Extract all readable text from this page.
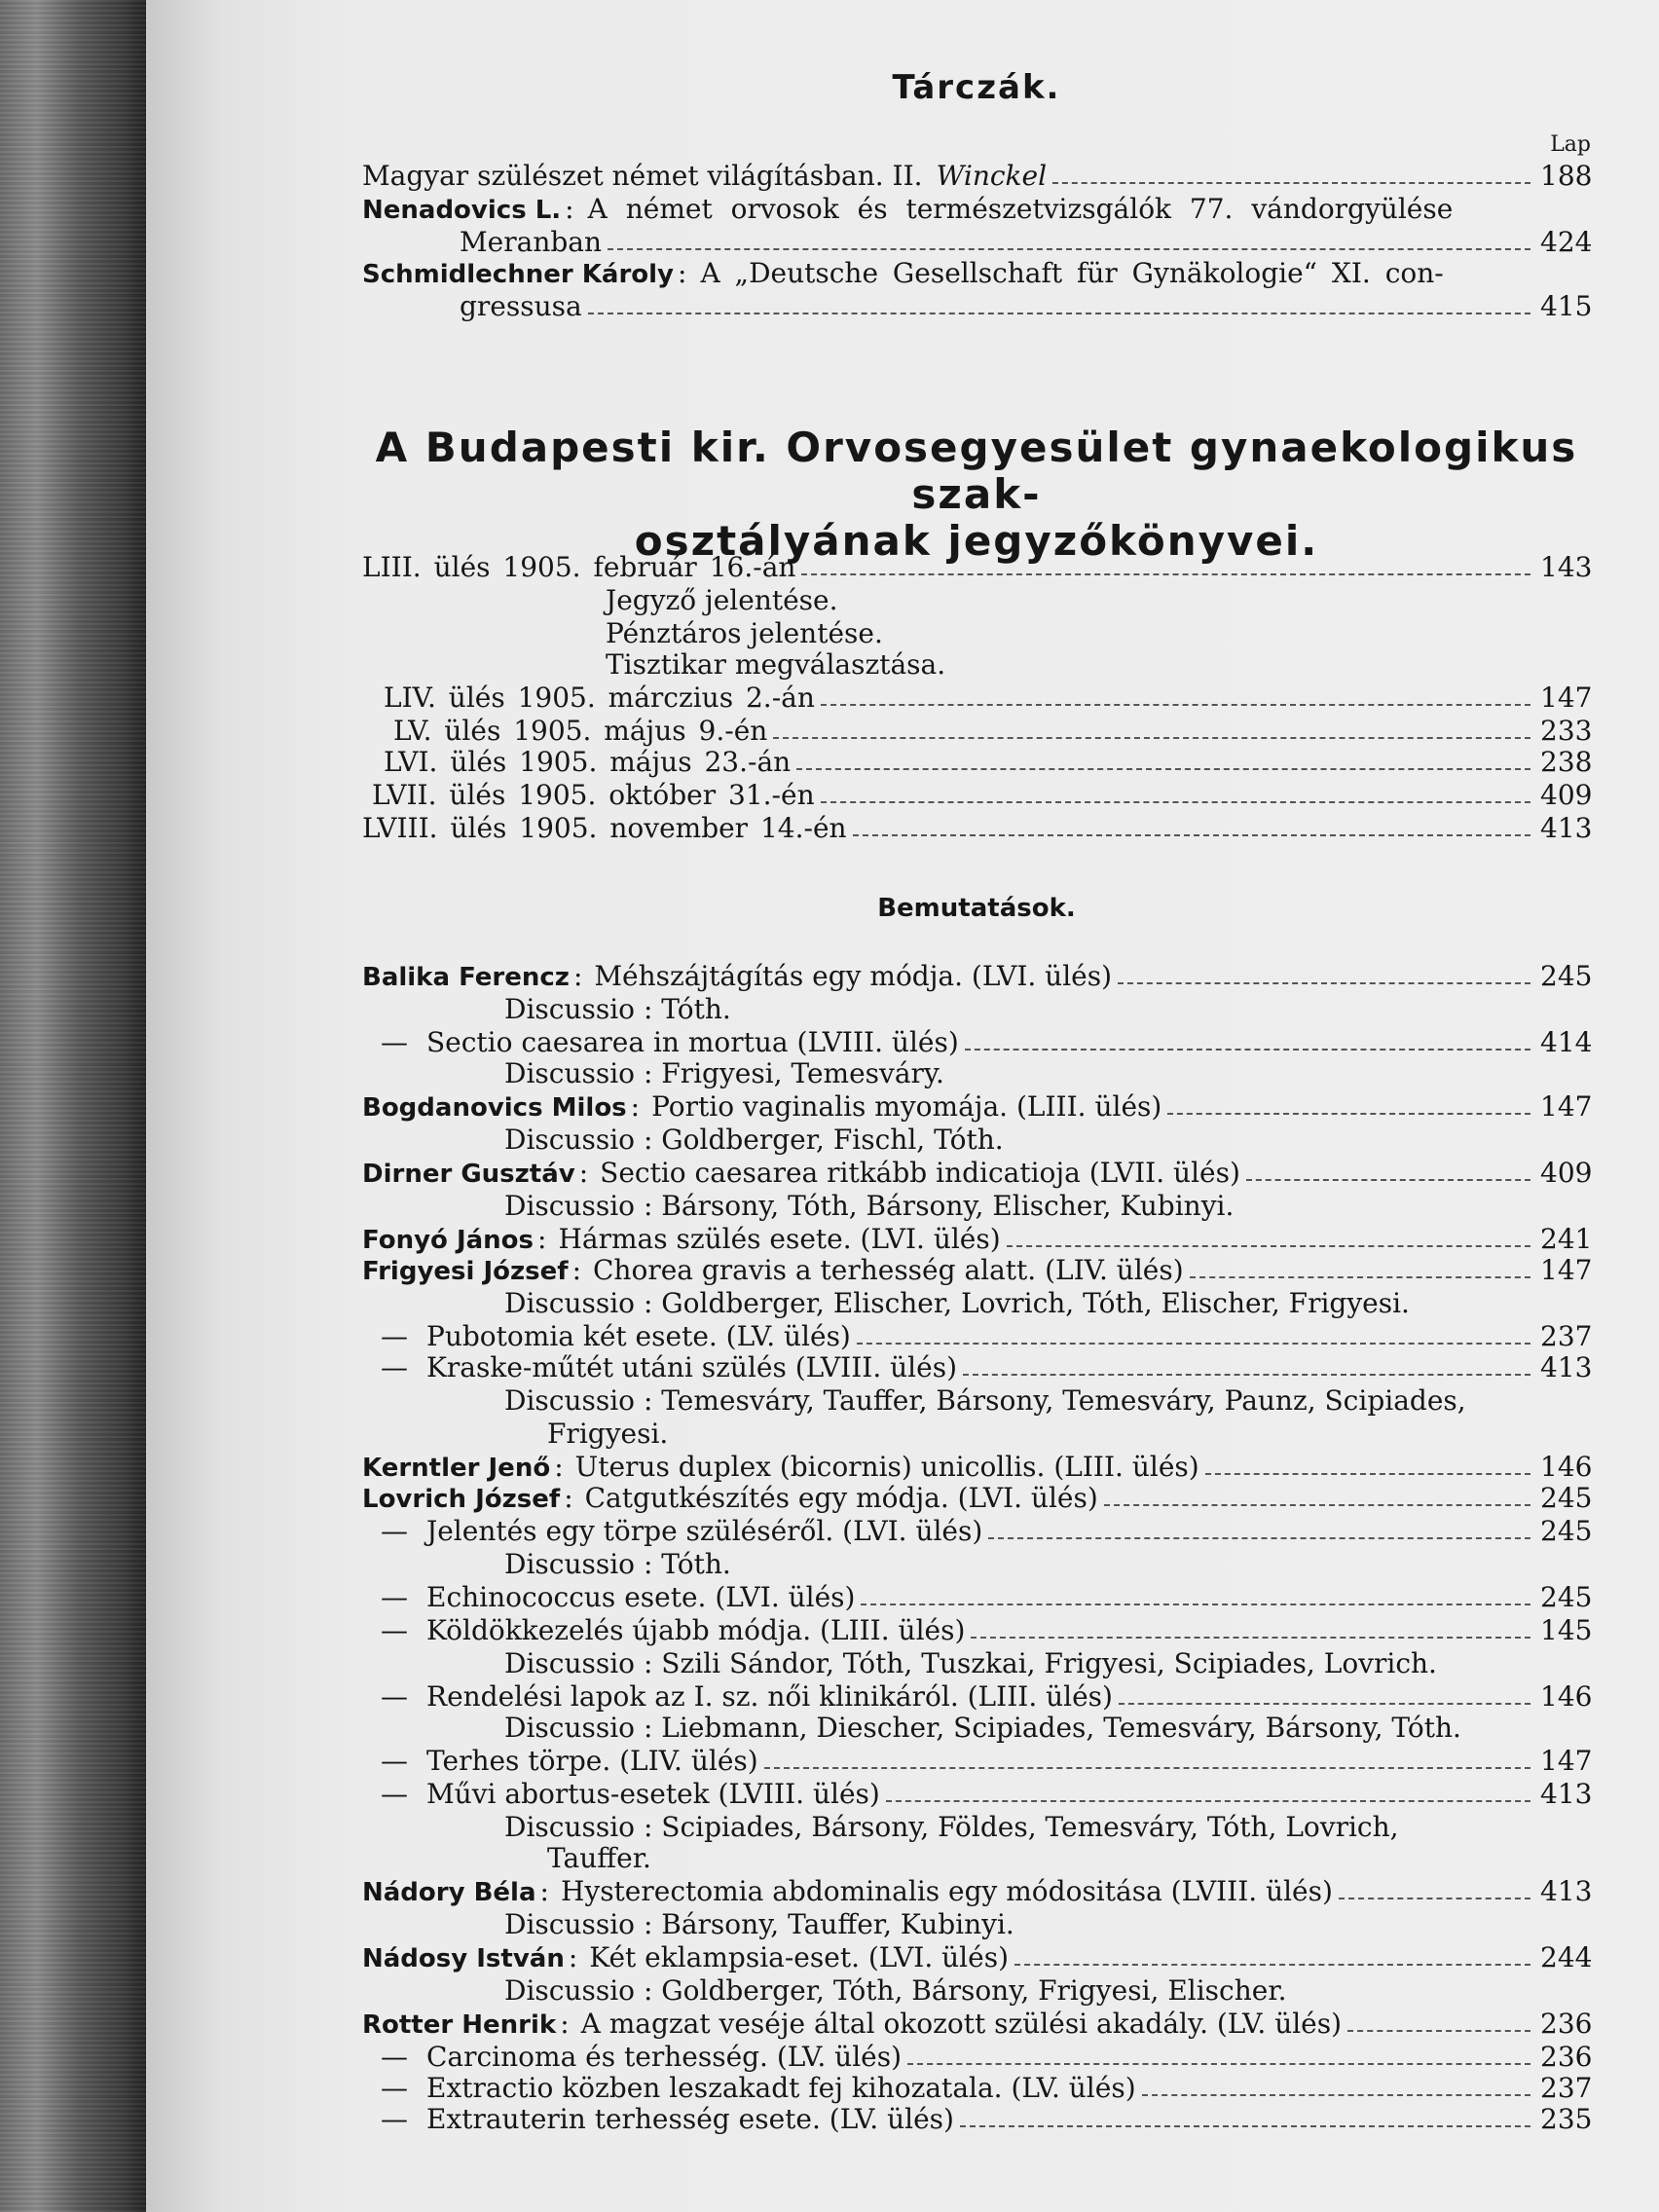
Tárczák.
Lap
Magyar szülészet német világításban. II. Winckel	188
Nenadovics L. : A német orvosok és természetvizsgálók 77. vándorgyülése
Meranban	424
Schmidlechner Károly : A „Deutsche Gesellschaft für Gynäkologie“ XI. con-
gressusa	415
A Budapesti kir. Orvosegyesület gynaekologikus szak-
osztályának jegyzőkönyvei.
LIII. ülés 1905. február 16.-án	143
Jegyző jelentése.
Pénztáros jelentése.
Tisztikar megválasztása.
LIV. ülés 1905. márczius 2.-án	147
LV. ülés 1905. május 9.-én	233
LVI. ülés 1905. május 23.-án	238
LVII. ülés 1905. október 31.-én	409
LVIII. ülés 1905. november 14.-én	413
Bemutatások.
Balika Ferencz : Méhszájtágítás egy módja. (LVI. ülés)	245
Discussio : Tóth.
— Sectio caesarea in mortua (LVIII. ülés)	414
Discussio : Frigyesi, Temesváry.
Bogdanovics Milos : Portio vaginalis myomája. (LIII. ülés)	147
Discussio : Goldberger, Fischl, Tóth.
Dirner Gusztáv : Sectio caesarea ritkább indicatioja (LVII. ülés)	409
Discussio : Bársony, Tóth, Bársony, Elischer, Kubinyi.
Fonyó János : Hármas szülés esete. (LVI. ülés)	241
Frigyesi József : Chorea gravis a terhesség alatt. (LIV. ülés)	147
Discussio : Goldberger, Elischer, Lovrich, Tóth, Elischer, Frigyesi.
— Pubotomia két esete. (LV. ülés)	237
— Kraske-műtét utáni szülés (LVIII. ülés)	413
Discussio : Temesváry, Tauffer, Bársony, Temesváry, Paunz, Scipiades,
Frigyesi.
Kerntler Jenő : Uterus duplex (bicornis) unicollis. (LIII. ülés)	146
Lovrich József : Catgutkészítés egy módja. (LVI. ülés)	245
— Jelentés egy törpe szüléséről. (LVI. ülés)	245
Discussio : Tóth.
— Echinococcus esete. (LVI. ülés)	245
— Köldökkezelés újabb módja. (LIII. ülés)	145
Discussio : Szili Sándor, Tóth, Tuszkai, Frigyesi, Scipiades, Lovrich.
— Rendelési lapok az I. sz. női klinikáról. (LIII. ülés)	146
Discussio : Liebmann, Diescher, Scipiades, Temesváry, Bársony, Tóth.
— Terhes törpe. (LIV. ülés)	147
— Művi abortus-esetek (LVIII. ülés)	413
Discussio : Scipiades, Bársony, Földes, Temesváry, Tóth, Lovrich,
Tauffer.
Nádory Béla : Hysterectomia abdominalis egy módositása (LVIII. ülés)	413
Discussio : Bársony, Tauffer, Kubinyi.
Nádosy István : Két eklampsia-eset. (LVI. ülés)	244
Discussio : Goldberger, Tóth, Bársony, Frigyesi, Elischer.
Rotter Henrik : A magzat veséje által okozott szülési akadály. (LV. ülés)	236
— Carcinoma és terhesség. (LV. ülés)	236
— Extractio közben leszakadt fej kihozatala. (LV. ülés)	237
— Extrauterin terhesség esete. (LV. ülés)	235
